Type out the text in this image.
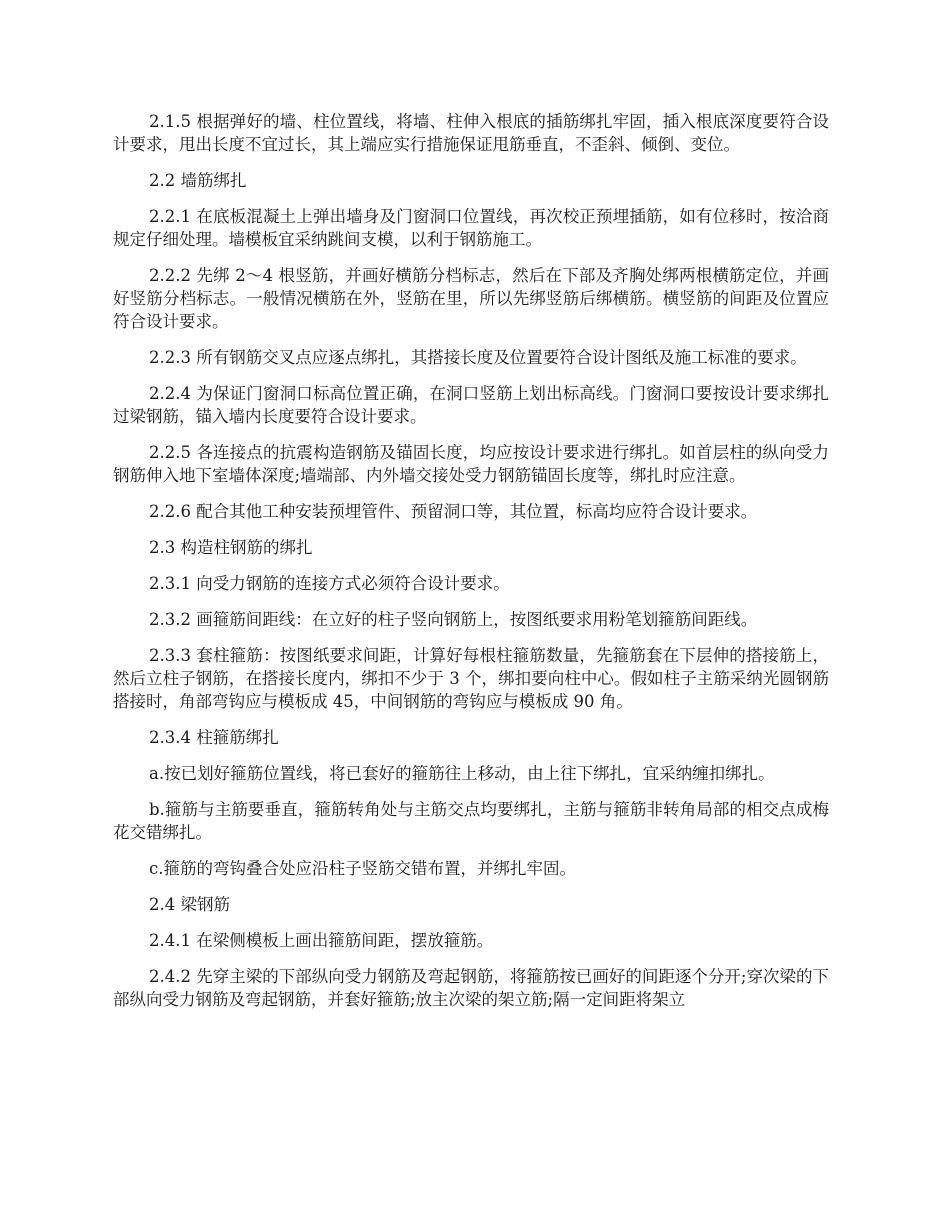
2.1.5 根据弹好的墙、柱位置线，将墙、柱伸入根底的插筋绑扎牢固，插入根底深度要符合设计要求，甩出长度不宜过长，其上端应实行措施保证甩筋垂直，不歪斜、倾倒、变位。

2.2 墙筋绑扎

2.2.1 在底板混凝土上弹出墙身及门窗洞口位置线，再次校正预埋插筋，如有位移时，按洽商规定仔细处理。墙模板宜采纳跳间支模，以利于钢筋施工。

2.2.2 先绑 2～4 根竖筋，并画好横筋分档标志，然后在下部及齐胸处绑两根横筋定位，并画好竖筋分档标志。一般情况横筋在外，竖筋在里，所以先绑竖筋后绑横筋。横竖筋的间距及位置应符合设计要求。

2.2.3 所有钢筋交叉点应逐点绑扎，其搭接长度及位置要符合设计图纸及施工标准的要求。

2.2.4 为保证门窗洞口标高位置正确，在洞口竖筋上划出标高线。门窗洞口要按设计要求绑扎过梁钢筋，锚入墙内长度要符合设计要求。

2.2.5 各连接点的抗震构造钢筋及锚固长度，均应按设计要求进行绑扎。如首层柱的纵向受力钢筋伸入地下室墙体深度;墙端部、内外墙交接处受力钢筋锚固长度等，绑扎时应注意。

2.2.6 配合其他工种安装预埋管件、预留洞口等，其位置，标高均应符合设计要求。

2.3 构造柱钢筋的绑扎

2.3.1 向受力钢筋的连接方式必须符合设计要求。

2.3.2 画箍筋间距线：在立好的柱子竖向钢筋上，按图纸要求用粉笔划箍筋间距线。

2.3.3 套柱箍筋：按图纸要求间距，计算好每根柱箍筋数量，先箍筋套在下层伸的搭接筋上，然后立柱子钢筋，在搭接长度内，绑扣不少于 3 个，绑扣要向柱中心。假如柱子主筋采纳光圆钢筋搭接时，角部弯钩应与模板成 45，中间钢筋的弯钩应与模板成 90 角。

2.3.4 柱箍筋绑扎

a.按已划好箍筋位置线，将已套好的箍筋往上移动，由上往下绑扎，宜采纳缠扣绑扎。

b.箍筋与主筋要垂直，箍筋转角处与主筋交点均要绑扎，主筋与箍筋非转角局部的相交点成梅花交错绑扎。

c.箍筋的弯钩叠合处应沿柱子竖筋交错布置，并绑扎牢固。

2.4 梁钢筋

2.4.1 在梁侧模板上画出箍筋间距，摆放箍筋。

2.4.2 先穿主梁的下部纵向受力钢筋及弯起钢筋，将箍筋按已画好的间距逐个分开;穿次梁的下部纵向受力钢筋及弯起钢筋，并套好箍筋;放主次梁的架立筋;隔一定间距将架立
